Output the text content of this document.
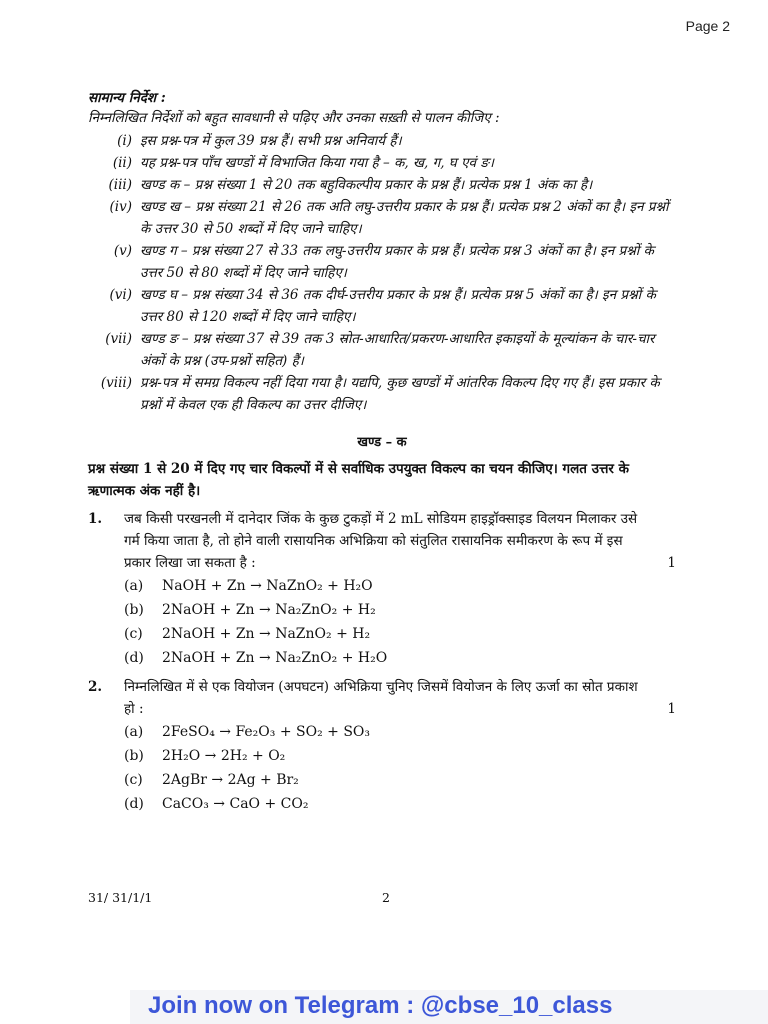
Page 2
सामान्य निर्देश :
निम्नलिखित निर्देशों को बहुत सावधानी से पढ़िए और उनका सख़्ती से पालन कीजिए :
(i) इस प्रश्न-पत्र में कुल 39 प्रश्न हैं। सभी प्रश्न अनिवार्य हैं।
(ii) यह प्रश्न-पत्र पाँच खण्डों में विभाजित किया गया है – क, ख, ग, घ एवं ङ।
(iii) खण्ड क – प्रश्न संख्या 1 से 20 तक बहुविकल्पीय प्रकार के प्रश्न हैं। प्रत्येक प्रश्न 1 अंक का है।
(iv) खण्ड ख – प्रश्न संख्या 21 से 26 तक अति लघु-उत्तरीय प्रकार के प्रश्न हैं। प्रत्येक प्रश्न 2 अंकों का है। इन प्रश्नों के उत्तर 30 से 50 शब्दों में दिए जाने चाहिए।
(v) खण्ड ग – प्रश्न संख्या 27 से 33 तक लघु-उत्तरीय प्रकार के प्रश्न हैं। प्रत्येक प्रश्न 3 अंकों का है। इन प्रश्नों के उत्तर 50 से 80 शब्दों में दिए जाने चाहिए।
(vi) खण्ड घ – प्रश्न संख्या 34 से 36 तक दीर्घ-उत्तरीय प्रकार के प्रश्न हैं। प्रत्येक प्रश्न 5 अंकों का है। इन प्रश्नों के उत्तर 80 से 120 शब्दों में दिए जाने चाहिए।
(vii) खण्ड ङ – प्रश्न संख्या 37 से 39 तक 3 स्रोत-आधारित/प्रकरण-आधारित इकाइयों के मूल्यांकन के चार-चार अंकों के प्रश्न (उप-प्रश्नों सहित) हैं।
(viii) प्रश्न-पत्र में समग्र विकल्प नहीं दिया गया है। यद्यपि, कुछ खण्डों में आंतरिक विकल्प दिए गए हैं। इस प्रकार के प्रश्नों में केवल एक ही विकल्प का उत्तर दीजिए।
खण्ड – क
प्रश्न संख्या 1 से 20 में दिए गए चार विकल्पों में से सर्वाधिक उपयुक्त विकल्प का चयन कीजिए। गलत उत्तर के ऋणात्मक अंक नहीं है।
1.	जब किसी परखनली में दानेदार जिंक के कुछ टुकड़ों में 2 mL सोडियम हाइड्रॉक्साइड विलयन मिलाकर उसे गर्म किया जाता है, तो होने वाली रासायनिक अभिक्रिया को संतुलित रासायनिक समीकरण के रूप में इस प्रकार लिखा जा सकता है :	1
(a)	NaOH + Zn → NaZnO₂ + H₂O
(b)	2NaOH + Zn → Na₂ZnO₂ + H₂
(c)	2NaOH + Zn → NaZnO₂ + H₂
(d)	2NaOH + Zn → Na₂ZnO₂ + H₂O
2.	निम्नलिखित में से एक वियोजन (अपघटन) अभिक्रिया चुनिए जिसमें वियोजन के लिए ऊर्जा का स्रोत प्रकाश हो :	1
(a)	2FeSO₄ → Fe₂O₃ + SO₂ + SO₃
(b)	2H₂O → 2H₂ + O₂
(c)	2AgBr → 2Ag + Br₂
(d)	CaCO₃ → CaO + CO₂
31/ 31/1/1	2
Join now on Telegram : @cbse_10_class
